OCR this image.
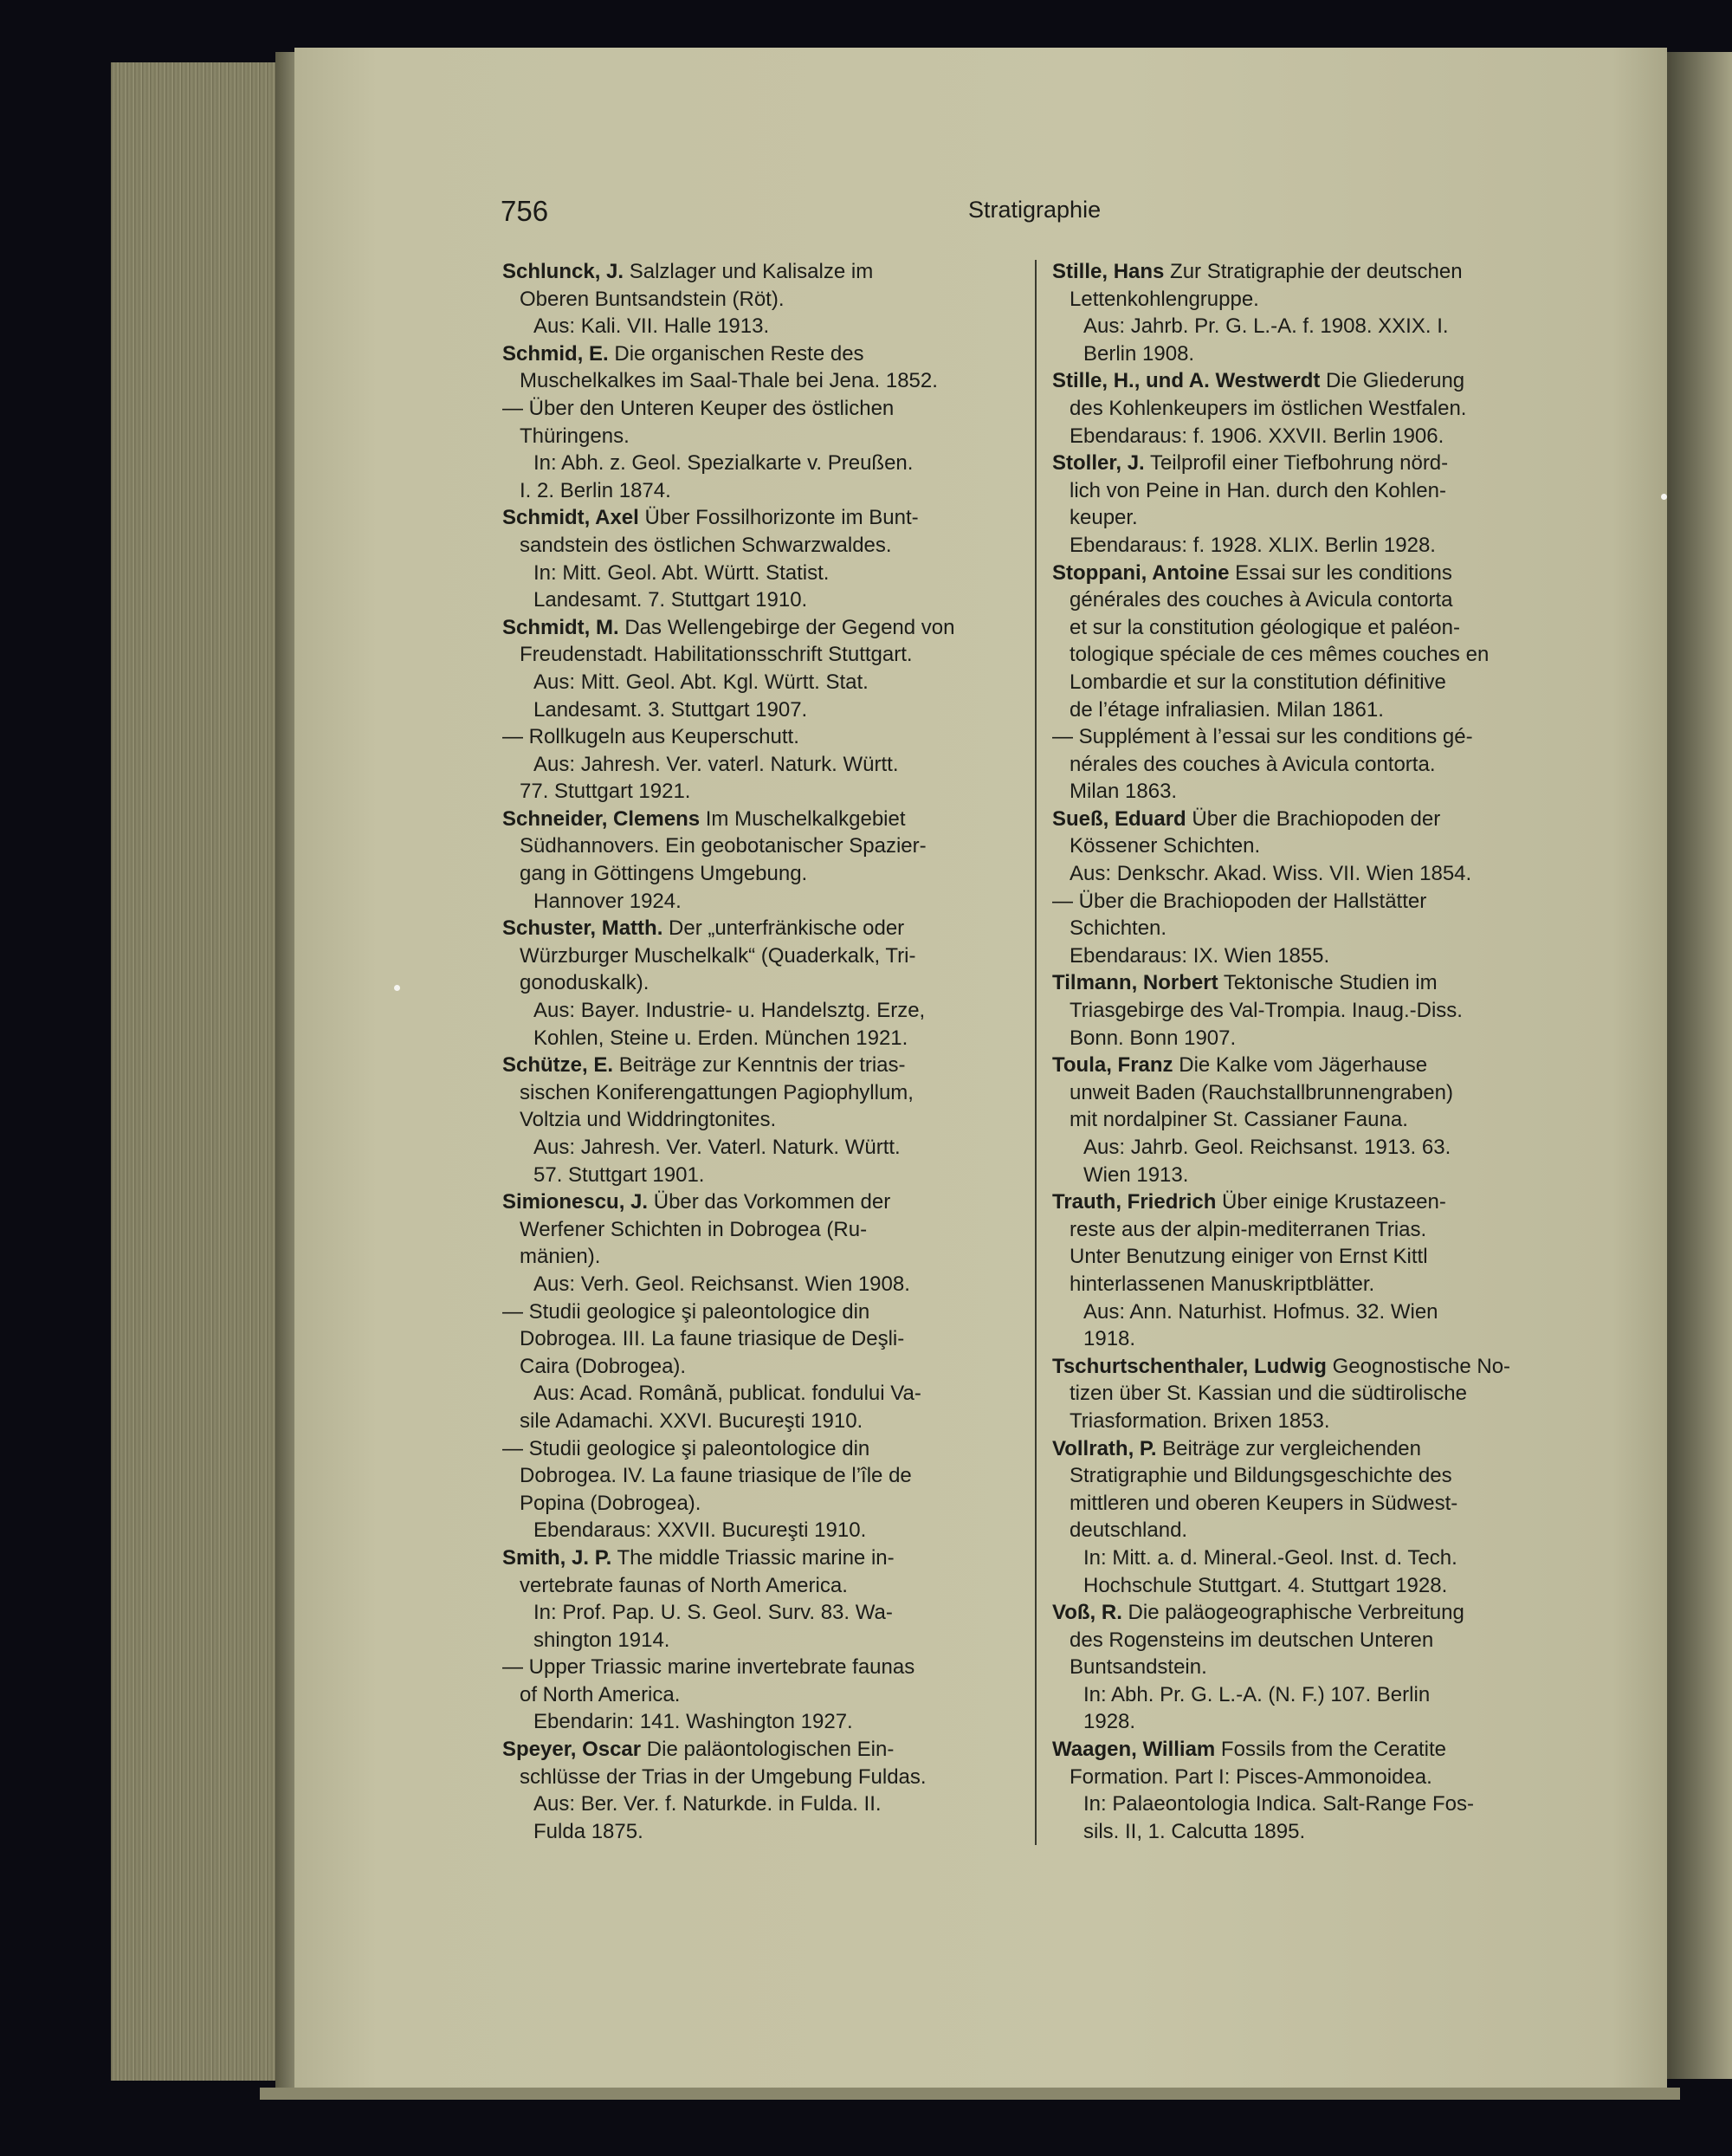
756	Stratigraphie
Schlunck, J. Salzlager und Kalisalze im
Oberen Buntsandstein (Röt).
Aus: Kali. VII. Halle 1913.
Schmid, E. Die organischen Reste des
Muschelkalkes im Saal-Thale bei Jena. 1852.
— Über den Unteren Keuper des östlichen
Thüringens.
In: Abh. z. Geol. Spezialkarte v. Preußen.
I. 2. Berlin 1874.
Schmidt, Axel Über Fossilhorizonte im Bunt-
sandstein des östlichen Schwarzwaldes.
In: Mitt. Geol. Abt. Württ. Statist.
Landesamt. 7. Stuttgart 1910.
Schmidt, M. Das Wellengebirge der Gegend von
Freudenstadt. Habilitationsschrift Stuttgart.
Aus: Mitt. Geol. Abt. Kgl. Württ. Stat.
Landesamt. 3. Stuttgart 1907.
— Rollkugeln aus Keuperschutt.
Aus: Jahresh. Ver. vaterl. Naturk. Württ.
77. Stuttgart 1921.
Schneider, Clemens Im Muschelkalkgebiet
Südhannovers. Ein geobotanischer Spazier-
gang in Göttingens Umgebung.
Hannover 1924.
Schuster, Matth. Der „unterfränkische oder
Würzburger Muschelkalk“ (Quaderkalk, Tri-
gonoduskalk).
Aus: Bayer. Industrie- u. Handelsztg. Erze,
Kohlen, Steine u. Erden. München 1921.
Schütze, E. Beiträge zur Kenntnis der trias-
sischen Koniferengattungen Pagiophyllum,
Voltzia und Widdringtonites.
Aus: Jahresh. Ver. Vaterl. Naturk. Württ.
57. Stuttgart 1901.
Simionescu, J. Über das Vorkommen der
Werfener Schichten in Dobrogea (Ru-
mänien).
Aus: Verh. Geol. Reichsanst. Wien 1908.
— Studii geologice şi paleontologice din
Dobrogea. III. La faune triasique de Deşli-
Caira (Dobrogea).
Aus: Acad. Română, publicat. fondului Va-
sile Adamachi. XXVI. Bucureşti 1910.
— Studii geologice şi paleontologice din
Dobrogea. IV. La faune triasique de l’île de
Popina (Dobrogea).
Ebendaraus: XXVII. Bucureşti 1910.
Smith, J. P. The middle Triassic marine in-
vertebrate faunas of North America.
In: Prof. Pap. U. S. Geol. Surv. 83. Wa-
shington 1914.
— Upper Triassic marine invertebrate faunas
of North America.
Ebendarin: 141. Washington 1927.
Speyer, Oscar Die paläontologischen Ein-
schlüsse der Trias in der Umgebung Fuldas.
Aus: Ber. Ver. f. Naturkde. in Fulda. II.
Fulda 1875.
Stille, Hans Zur Stratigraphie der deutschen
Lettenkohlengruppe.
Aus: Jahrb. Pr. G. L.-A. f. 1908. XXIX. I.
Berlin 1908.
Stille, H., und A. Westwerdt Die Gliederung
des Kohlenkeupers im östlichen Westfalen.
Ebendaraus: f. 1906. XXVII. Berlin 1906.
Stoller, J. Teilprofil einer Tiefbohrung nörd-
lich von Peine in Han. durch den Kohlen-
keuper.
Ebendaraus: f. 1928. XLIX. Berlin 1928.
Stoppani, Antoine Essai sur les conditions
générales des couches à Avicula contorta
et sur la constitution géologique et paléon-
tologique spéciale de ces mêmes couches en
Lombardie et sur la constitution définitive
de l’étage infraliasien. Milan 1861.
— Supplément à l’essai sur les conditions gé-
nérales des couches à Avicula contorta.
Milan 1863.
Sueß, Eduard Über die Brachiopoden der
Kössener Schichten.
Aus: Denkschr. Akad. Wiss. VII. Wien 1854.
— Über die Brachiopoden der Hallstätter
Schichten.
Ebendaraus: IX. Wien 1855.
Tilmann, Norbert Tektonische Studien im
Triasgebirge des Val-Trompia. Inaug.-Diss.
Bonn. Bonn 1907.
Toula, Franz Die Kalke vom Jägerhause
unweit Baden (Rauchstallbrunnengraben)
mit nordalpiner St. Cassianer Fauna.
Aus: Jahrb. Geol. Reichsanst. 1913. 63.
Wien 1913.
Trauth, Friedrich Über einige Krustazeen-
reste aus der alpin-mediterranen Trias.
Unter Benutzung einiger von Ernst Kittl
hinterlassenen Manuskriptblätter.
Aus: Ann. Naturhist. Hofmus. 32. Wien
1918.
Tschurtschenthaler, Ludwig Geognostische No-
tizen über St. Kassian und die südtirolische
Triasformation. Brixen 1853.
Vollrath, P. Beiträge zur vergleichenden
Stratigraphie und Bildungsgeschichte des
mittleren und oberen Keupers in Südwest-
deutschland.
In: Mitt. a. d. Mineral.-Geol. Inst. d. Tech.
Hochschule Stuttgart. 4. Stuttgart 1928.
Voß, R. Die paläogeographische Verbreitung
des Rogensteins im deutschen Unteren
Buntsandstein.
In: Abh. Pr. G. L.-A. (N. F.) 107. Berlin
1928.
Waagen, William Fossils from the Ceratite
Formation. Part I: Pisces-Ammonoidea.
In: Palaeontologia Indica. Salt-Range Fos-
sils. II, 1. Calcutta 1895.
